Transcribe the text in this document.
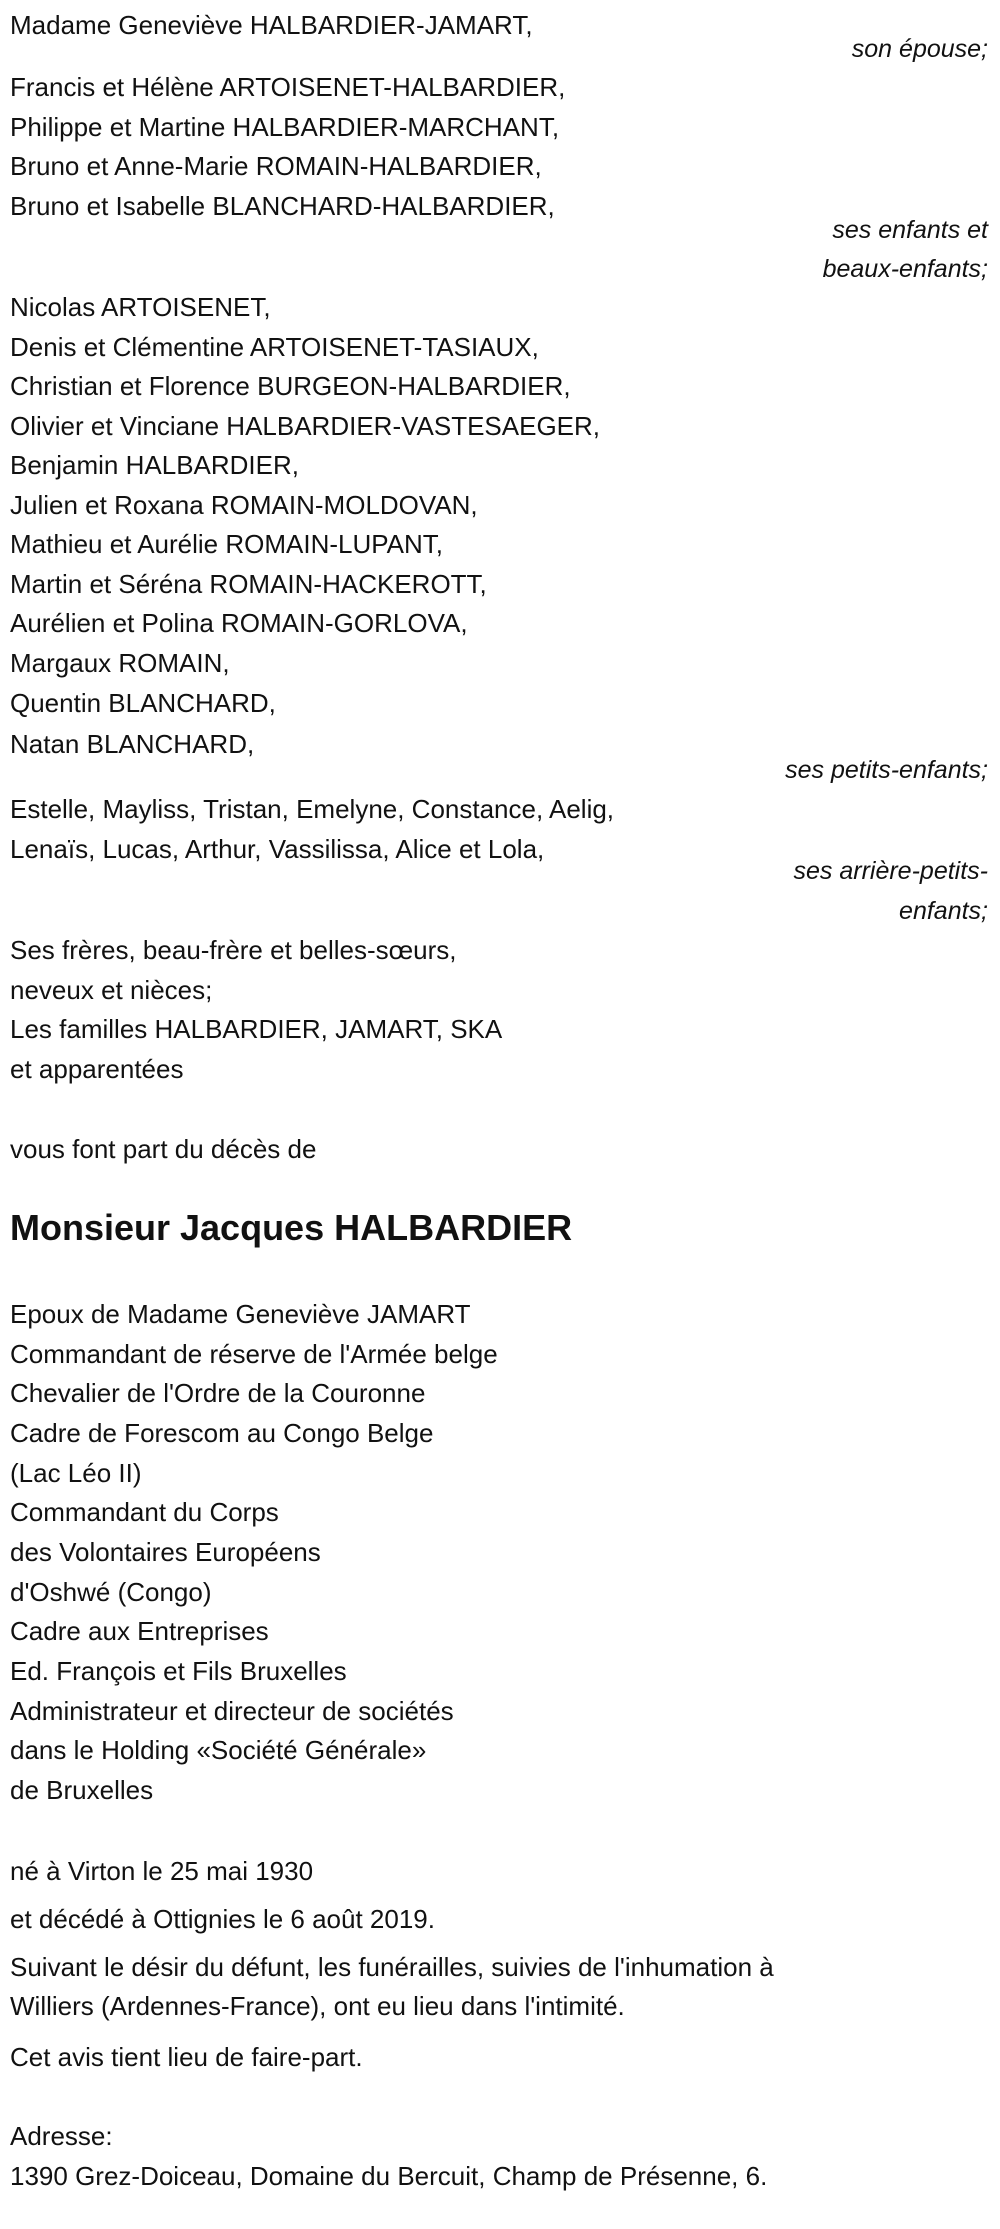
Madame Geneviève HALBARDIER-JAMART,
son épouse;
Francis et Hélène ARTOISENET-HALBARDIER,
Philippe et Martine HALBARDIER-MARCHANT,
Bruno et Anne-Marie ROMAIN-HALBARDIER,
Bruno et Isabelle BLANCHARD-HALBARDIER,
ses enfants et
beaux-enfants;
Nicolas ARTOISENET,
Denis et Clémentine ARTOISENET-TASIAUX,
Christian et Florence BURGEON-HALBARDIER,
Olivier et Vinciane HALBARDIER-VASTESAEGER,
Benjamin HALBARDIER,
Julien et Roxana ROMAIN-MOLDOVAN,
Mathieu et Aurélie ROMAIN-LUPANT,
Martin et Séréna ROMAIN-HACKEROTT,
Aurélien et Polina ROMAIN-GORLOVA,
Margaux ROMAIN,
Quentin BLANCHARD,
Natan BLANCHARD,
ses petits-enfants;
Estelle, Mayliss, Tristan, Emelyne, Constance, Aelig,
Lenaïs, Lucas, Arthur, Vassilissa, Alice et Lola,
ses arrière-petits-
enfants;
Ses frères, beau-frère et belles-sœurs,
neveux et nièces;
Les familles HALBARDIER, JAMART, SKA
et apparentées
vous font part du décès de
Monsieur Jacques HALBARDIER
Epoux de Madame Geneviève JAMART
Commandant de réserve de l'Armée belge
Chevalier de l'Ordre de la Couronne
Cadre de Forescom au Congo Belge
(Lac Léo II)
Commandant du Corps
des Volontaires Européens
d'Oshwé (Congo)
Cadre aux Entreprises
Ed. François et Fils Bruxelles
Administrateur et directeur de sociétés
dans le Holding «Société Générale»
de Bruxelles
né à Virton le 25 mai 1930
et décédé à Ottignies le 6 août 2019.
Suivant le désir du défunt, les funérailles, suivies de l'inhumation à
Williers (Ardennes-France), ont eu lieu dans l'intimité.
Cet avis tient lieu de faire-part.
Adresse:
1390 Grez-Doiceau, Domaine du Bercuit, Champ de Présenne, 6.
